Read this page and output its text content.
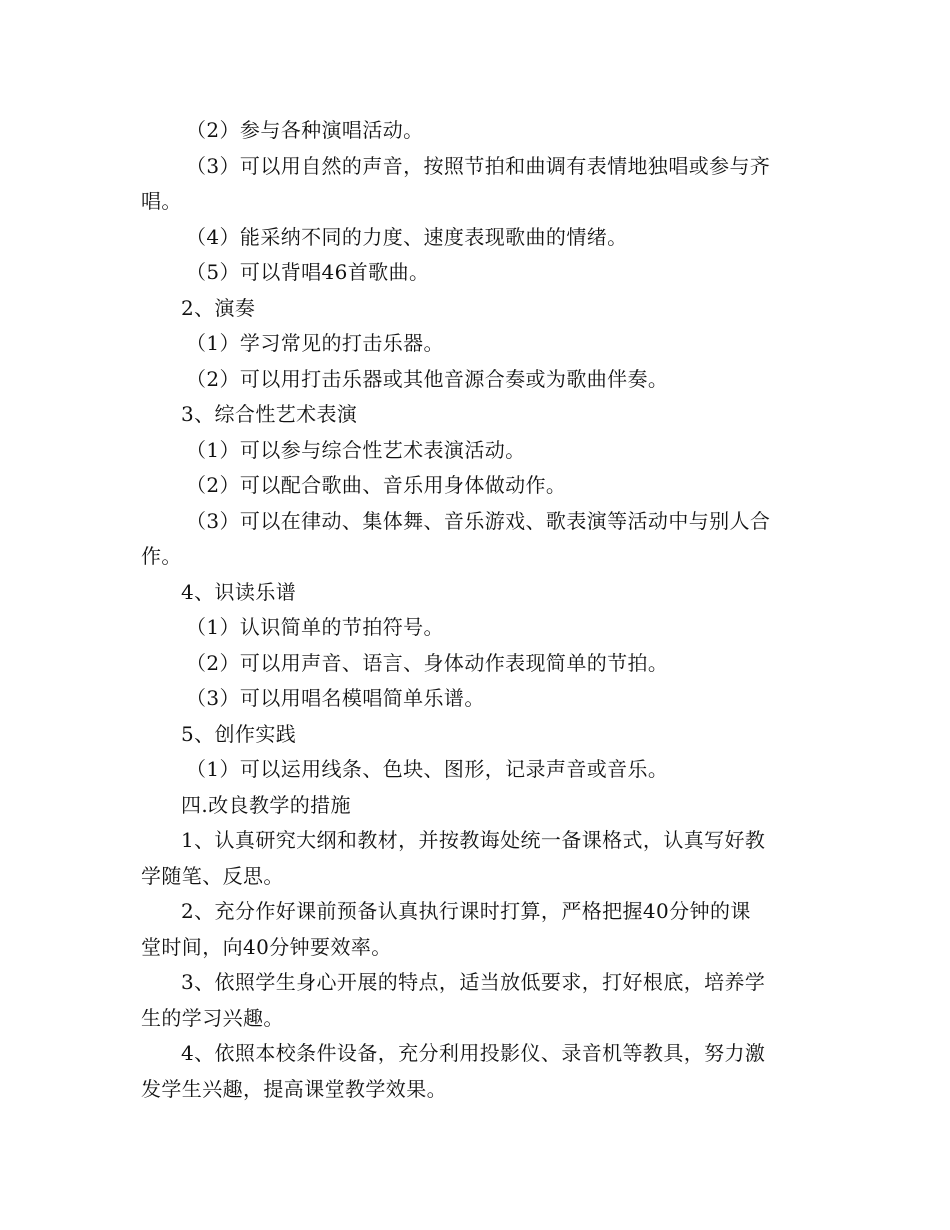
（2）参与各种演唱活动。
（3）可以用自然的声音，按照节拍和曲调有表情地独唱或参与齐
唱。
（4）能采纳不同的力度、速度表现歌曲的情绪。
（5）可以背唱46首歌曲。
2、演奏
（1）学习常见的打击乐器。
（2）可以用打击乐器或其他音源合奏或为歌曲伴奏。
3、综合性艺术表演
（1）可以参与综合性艺术表演活动。
（2）可以配合歌曲、音乐用身体做动作。
（3）可以在律动、集体舞、音乐游戏、歌表演等活动中与别人合
作。
4、识读乐谱
（1）认识简单的节拍符号。
（2）可以用声音、语言、身体动作表现简单的节拍。
（3）可以用唱名模唱简单乐谱。
5、创作实践
（1）可以运用线条、色块、图形，记录声音或音乐。
四.改良教学的措施
1、认真研究大纲和教材，并按教诲处统一备课格式，认真写好教
学随笔、反思。
2、充分作好课前预备认真执行课时打算，严格把握40分钟的课
堂时间，向40分钟要效率。
3、依照学生身心开展的特点，适当放低要求，打好根底，培养学
生的学习兴趣。
4、依照本校条件设备，充分利用投影仪、录音机等教具，努力激
发学生兴趣，提高课堂教学效果。
